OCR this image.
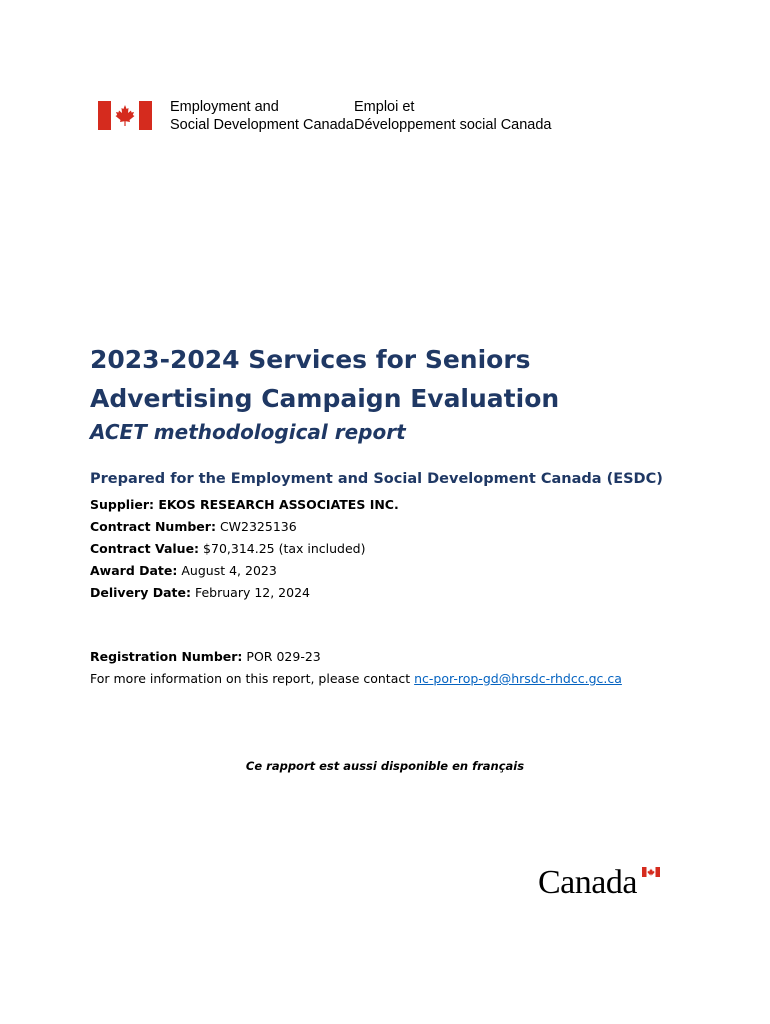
Employment and
Social Development Canada
Emploi et
Développement social Canada
2023-2024 Services for Seniors Advertising Campaign Evaluation
ACET methodological report
Prepared for the Employment and Social Development Canada (ESDC)
Supplier: EKOS RESEARCH ASSOCIATES INC.
Contract Number: CW2325136
Contract Value: $70,314.25 (tax included)
Award Date: August 4, 2023
Delivery Date: February 12, 2024
Registration Number: POR 029-23
For more information on this report, please contact nc-por-rop-gd@hrsdc-rhdcc.gc.ca
Ce rapport est aussi disponible en français
Canada
